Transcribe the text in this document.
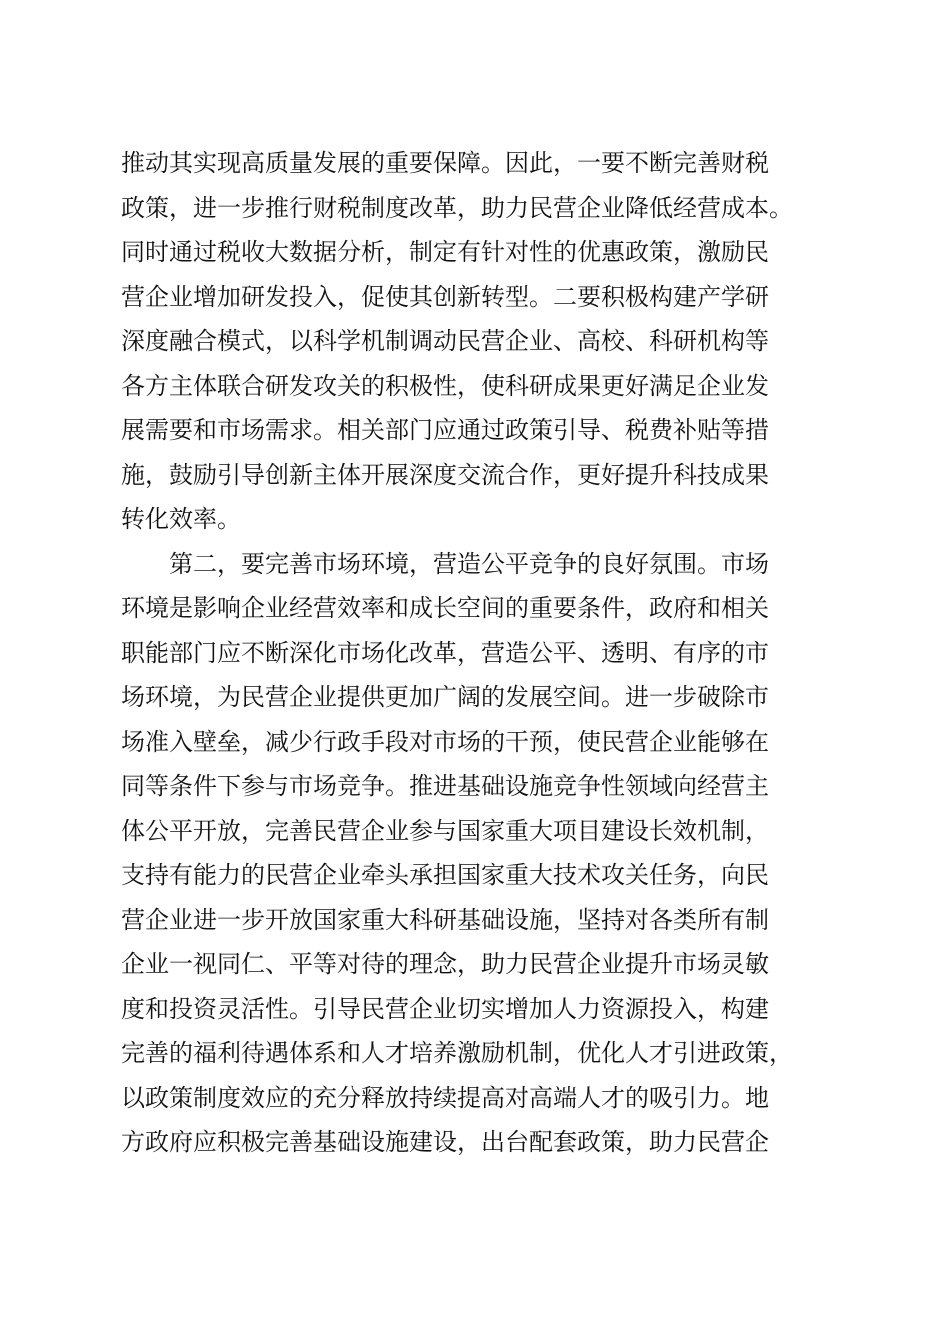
推动其实现高质量发展的重要保障。因此，一要不断完善财税
政策，进一步推行财税制度改革，助力民营企业降低经营成本。
同时通过税收大数据分析，制定有针对性的优惠政策，激励民
营企业增加研发投入，促使其创新转型。二要积极构建产学研
深度融合模式，以科学机制调动民营企业、高校、科研机构等
各方主体联合研发攻关的积极性，使科研成果更好满足企业发
展需要和市场需求。相关部门应通过政策引导、税费补贴等措
施，鼓励引导创新主体开展深度交流合作，更好提升科技成果
转化效率。
　　第二，要完善市场环境，营造公平竞争的良好氛围。市场
环境是影响企业经营效率和成长空间的重要条件，政府和相关
职能部门应不断深化市场化改革，营造公平、透明、有序的市
场环境，为民营企业提供更加广阔的发展空间。进一步破除市
场准入壁垒，减少行政手段对市场的干预，使民营企业能够在
同等条件下参与市场竞争。推进基础设施竞争性领域向经营主
体公平开放，完善民营企业参与国家重大项目建设长效机制，
支持有能力的民营企业牵头承担国家重大技术攻关任务，向民
营企业进一步开放国家重大科研基础设施，坚持对各类所有制
企业一视同仁、平等对待的理念，助力民营企业提升市场灵敏
度和投资灵活性。引导民营企业切实增加人力资源投入，构建
完善的福利待遇体系和人才培养激励机制，优化人才引进政策，
以政策制度效应的充分释放持续提高对高端人才的吸引力。地
方政府应积极完善基础设施建设，出台配套政策，助力民营企
